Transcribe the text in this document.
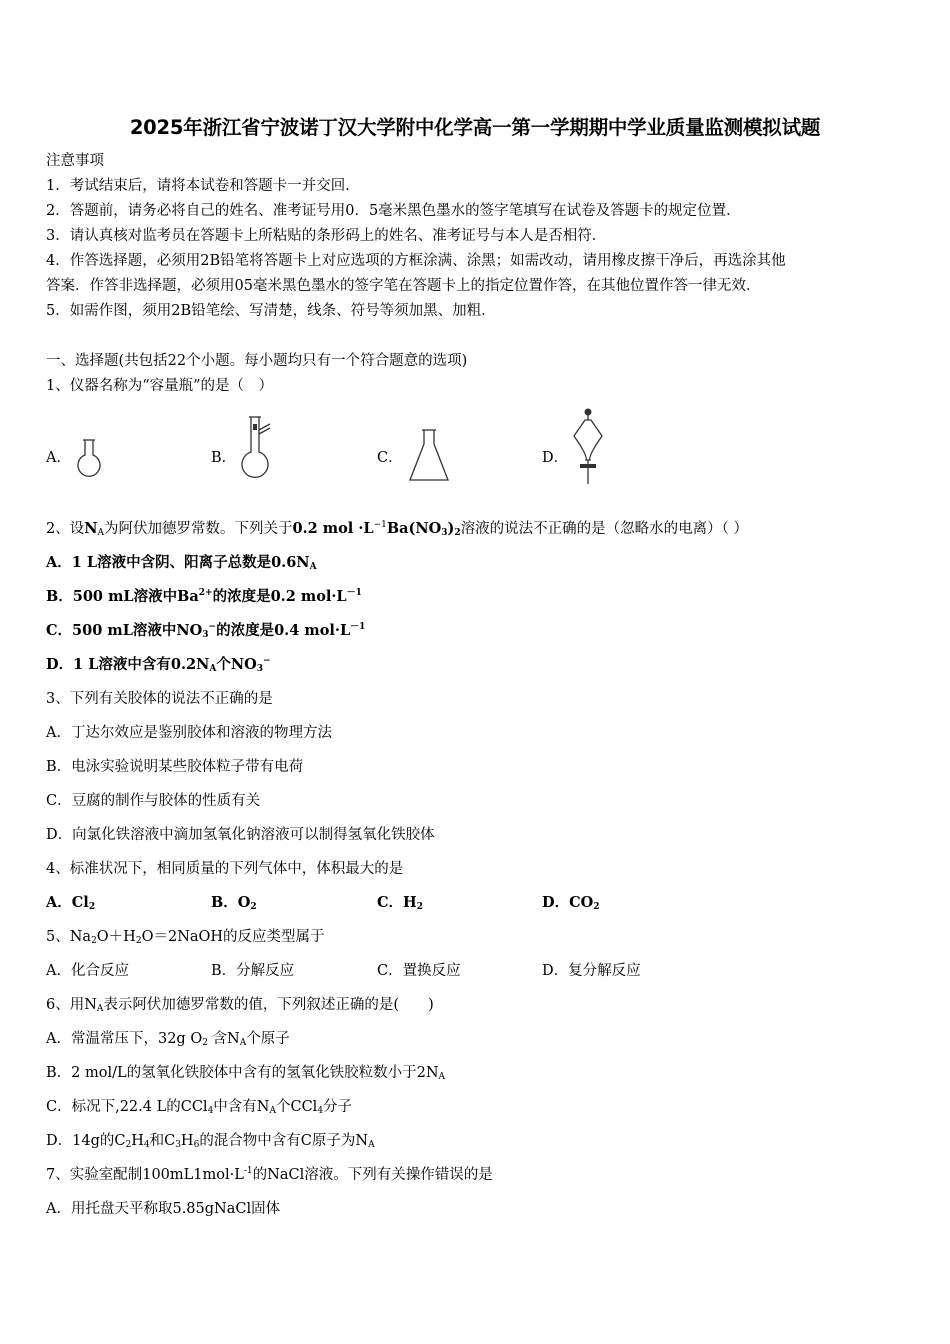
2025年浙江省宁波诺丁汉大学附中化学高一第一学期期中学业质量监测模拟试题
注意事项
1．考试结束后，请将本试卷和答题卡一并交回．
2．答题前，请务必将自己的姓名、准考证号用0．5毫米黑色墨水的签字笔填写在试卷及答题卡的规定位置．
3．请认真核对监考员在答题卡上所粘贴的条形码上的姓名、准考证号与本人是否相符．
4．作答选择题，必须用2B铅笔将答题卡上对应选项的方框涂满、涂黑；如需改动，请用橡皮擦干净后，再选涂其他
答案．作答非选择题，必须用05毫米黑色墨水的签字笔在答题卡上的指定位置作答，在其他位置作答一律无效．
5．如需作图，须用2B铅笔绘、写清楚，线条、符号等须加黑、加粗．
一、选择题(共包括22个小题。每小题均只有一个符合题意的选项)
1、仪器名称为“容量瓶”的是（　）
A．	B．	C．	D．
2、设$N_A$为阿伏加德罗常数。下列关于0.2 mol $\cdot L^{-1}Ba(NO_3)_2$溶液的说法不正确的是（忽略水的电离）（ ）
A．1 L溶液中含阴、阳离子总数是$0.6N_A$
B．500 mL溶液中$Ba^{2+}$的浓度是0.2 $mol\cdot L^{-1}$
C．500 mL溶液中$NO_3^-$的浓度是0.4 $mol\cdot L^{-1}$
D．1 L溶液中含有$0.2N_A$个$NO_3^-$
3、下列有关胶体的说法不正确的是
A．丁达尔效应是鉴别胶体和溶液的物理方法
B．电泳实验说明某些胶体粒子带有电荷
C．豆腐的制作与胶体的性质有关
D．向氯化铁溶液中滴加氢氧化钠溶液可以制得氢氧化铁胶体
4、标准状况下，相同质量的下列气体中，体积最大的是
A．$Cl_2$	B．$O_2$	C．$H_2$	D．$CO_2$
5、$Na_2O+H_2O=2NaOH$的反应类型属于
A．化合反应	B．分解反应	C．置换反应	D．复分解反应
6、用$N_A$表示阿伏加德罗常数的值，下列叙述正确的是(　　)
A．常温常压下，32g $O_2$ 含$N_A$个原子
B．2 mol/L的氢氧化铁胶体中含有的氢氧化铁胶粒数小于$2N_A$
C．标况下,22.4 L的CCl$_4$中含有$N_A$个CCl$_4$分子
D．14g的$C_2H_4$和$C_3H_6$的混合物中含有C原子为$N_A$
7、实验室配制$100mL1mol\cdot L^{-1}$的NaCl溶液。下列有关操作错误的是
A．用托盘天平称取5.85gNaCl固体
